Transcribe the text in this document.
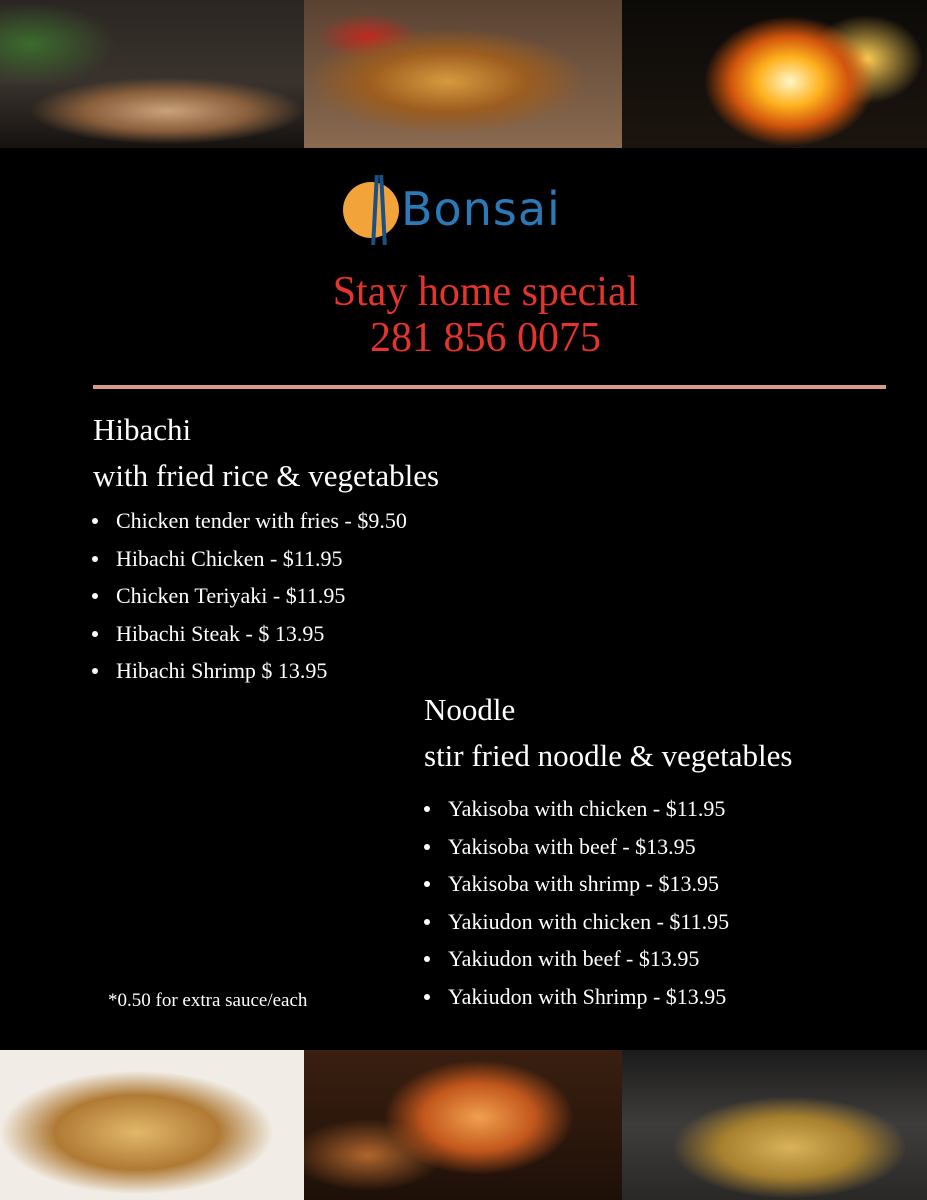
Bonsai
Stay home special
281 856 0075
Hibachi
with fried rice & vegetables
Chicken tender with fries - $9.50
Hibachi Chicken - $11.95
Chicken Teriyaki - $11.95
Hibachi Steak - $ 13.95
Hibachi Shrimp $ 13.95
Noodle
stir fried noodle & vegetables
Yakisoba with chicken - $11.95
Yakisoba with beef - $13.95
Yakisoba with shrimp - $13.95
Yakiudon with chicken - $11.95
Yakiudon with beef - $13.95
Yakiudon with Shrimp - $13.95
*0.50 for extra sauce/each
